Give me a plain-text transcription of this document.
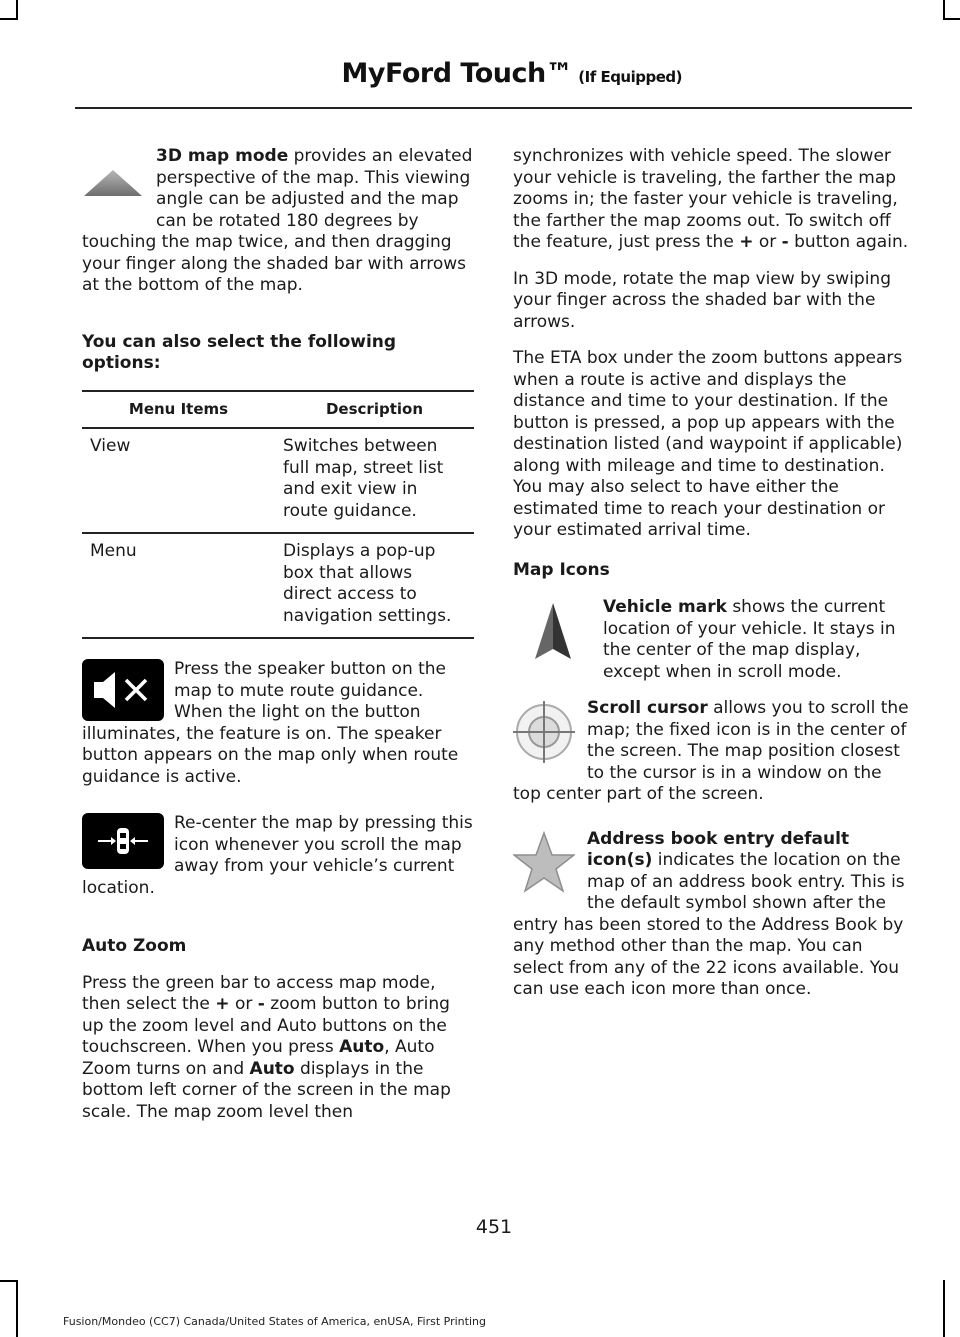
MyFord Touch™ (If Equipped)

3D map mode provides an elevated perspective of the map. This viewing angle can be adjusted and the map can be rotated 180 degrees by touching the map twice, and then dragging your finger along the shaded bar with arrows at the bottom of the map.

You can also select the following options:

Menu Items	Description
View	Switches between full map, street list and exit view in route guidance.
Menu	Displays a pop-up box that allows direct access to navigation settings.

Press the speaker button on the map to mute route guidance. When the light on the button illuminates, the feature is on. The speaker button appears on the map only when route guidance is active.

Re-center the map by pressing this icon whenever you scroll the map away from your vehicle’s current location.

Auto Zoom

Press the green bar to access map mode, then select the + or - zoom button to bring up the zoom level and Auto buttons on the touchscreen. When you press Auto, Auto Zoom turns on and Auto displays in the bottom left corner of the screen in the map scale. The map zoom level then

synchronizes with vehicle speed. The slower your vehicle is traveling, the farther the map zooms in; the faster your vehicle is traveling, the farther the map zooms out. To switch off the feature, just press the + or - button again.

In 3D mode, rotate the map view by swiping your finger across the shaded bar with the arrows.

The ETA box under the zoom buttons appears when a route is active and displays the distance and time to your destination. If the button is pressed, a pop up appears with the destination listed (and waypoint if applicable) along with mileage and time to destination. You may also select to have either the estimated time to reach your destination or your estimated arrival time.

Map Icons

Vehicle mark shows the current location of your vehicle. It stays in the center of the map display, except when in scroll mode.

Scroll cursor allows you to scroll the map; the fixed icon is in the center of the screen. The map position closest to the cursor is in a window on the top center part of the screen.

Address book entry default icon(s) indicates the location on the map of an address book entry. This is the default symbol shown after the entry has been stored to the Address Book by any method other than the map. You can select from any of the 22 icons available. You can use each icon more than once.

451
Fusion/Mondeo (CC7) Canada/United States of America, enUSA, First Printing
